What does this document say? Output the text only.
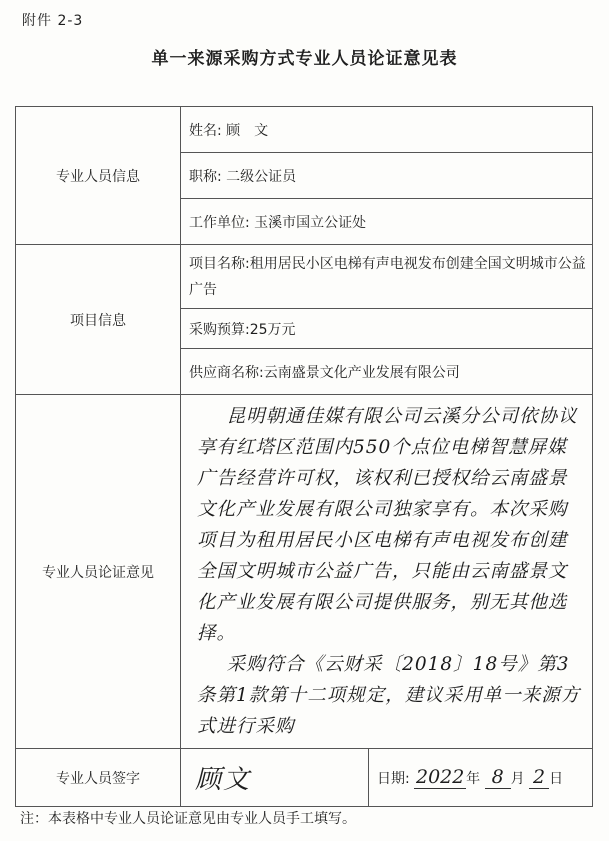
附件 2-3
单一来源采购方式专业人员论证意见表
专业人员信息	姓名: 顾　文	
	职称: 二级公证员	
	工作单位: 玉溪市国立公证处	
项目信息	项目名称:租用居民小区电梯有声电视发布创建全国文明城市公益广告	
	采购预算:25万元	
	供应商名称:云南盛景文化产业发展有限公司	
专业人员论证意见	昆明朝通佳媒有限公司云溪分公司依协议享有红塔区范围内550个点位电梯智慧屏媒广告经营许可权，该权利已授权给云南盛景文化产业发展有限公司独家享有。本次采购项目为租用居民小区电梯有声电视发布创建全国文明城市公益广告，只能由云南盛景文化产业发展有限公司提供服务，别无其他选择。

采购符合《云财采〔2018〕18号》第3条第1款第十二项规定，建议采用单一来源方式进行采购	

专业人员签字	顾文	日期: 2022 年 8 月 2 日
注：本表格中专业人员论证意见由专业人员手工填写。
